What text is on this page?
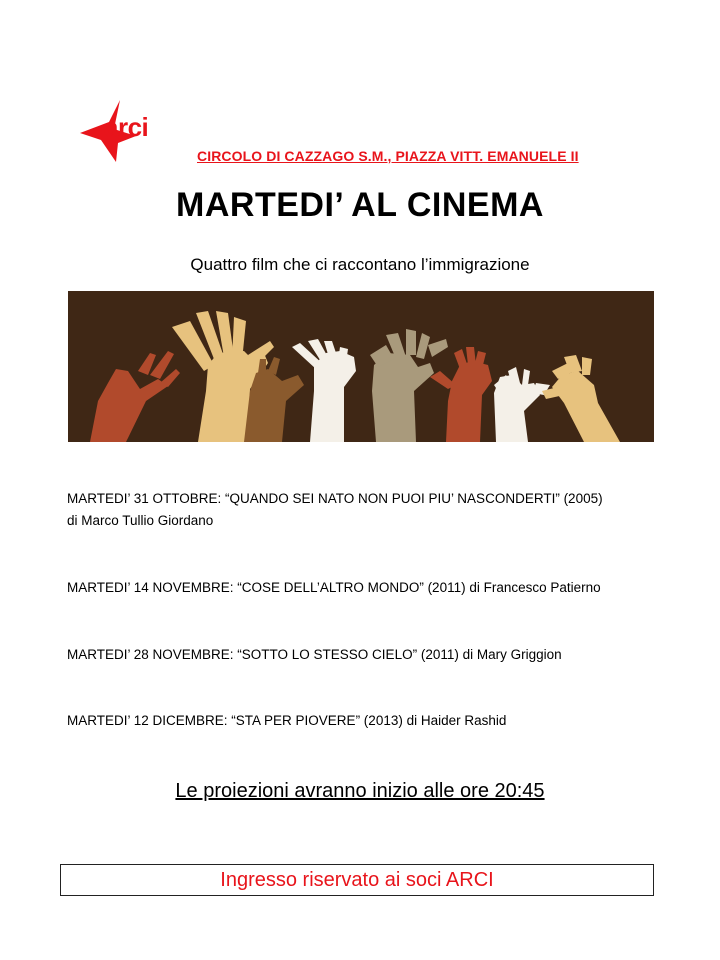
arci
CIRCOLO DI CAZZAGO S.M., PIAZZA VITT. EMANUELE II
MARTEDI’ AL CINEMA
Quattro film che ci raccontano l’immigrazione
MARTEDI’ 31 OTTOBRE: “QUANDO SEI NATO NON PUOI PIU’ NASCONDERTI” (2005)
di Marco Tullio Giordano
MARTEDI’ 14 NOVEMBRE: “COSE DELL’ALTRO MONDO” (2011) di Francesco Patierno
MARTEDI’ 28 NOVEMBRE: “SOTTO LO STESSO CIELO” (2011) di Mary Griggion
MARTEDI’ 12 DICEMBRE: “STA PER PIOVERE” (2013) di Haider Rashid
Le proiezioni avranno inizio alle ore 20:45
Ingresso riservato ai soci ARCI
